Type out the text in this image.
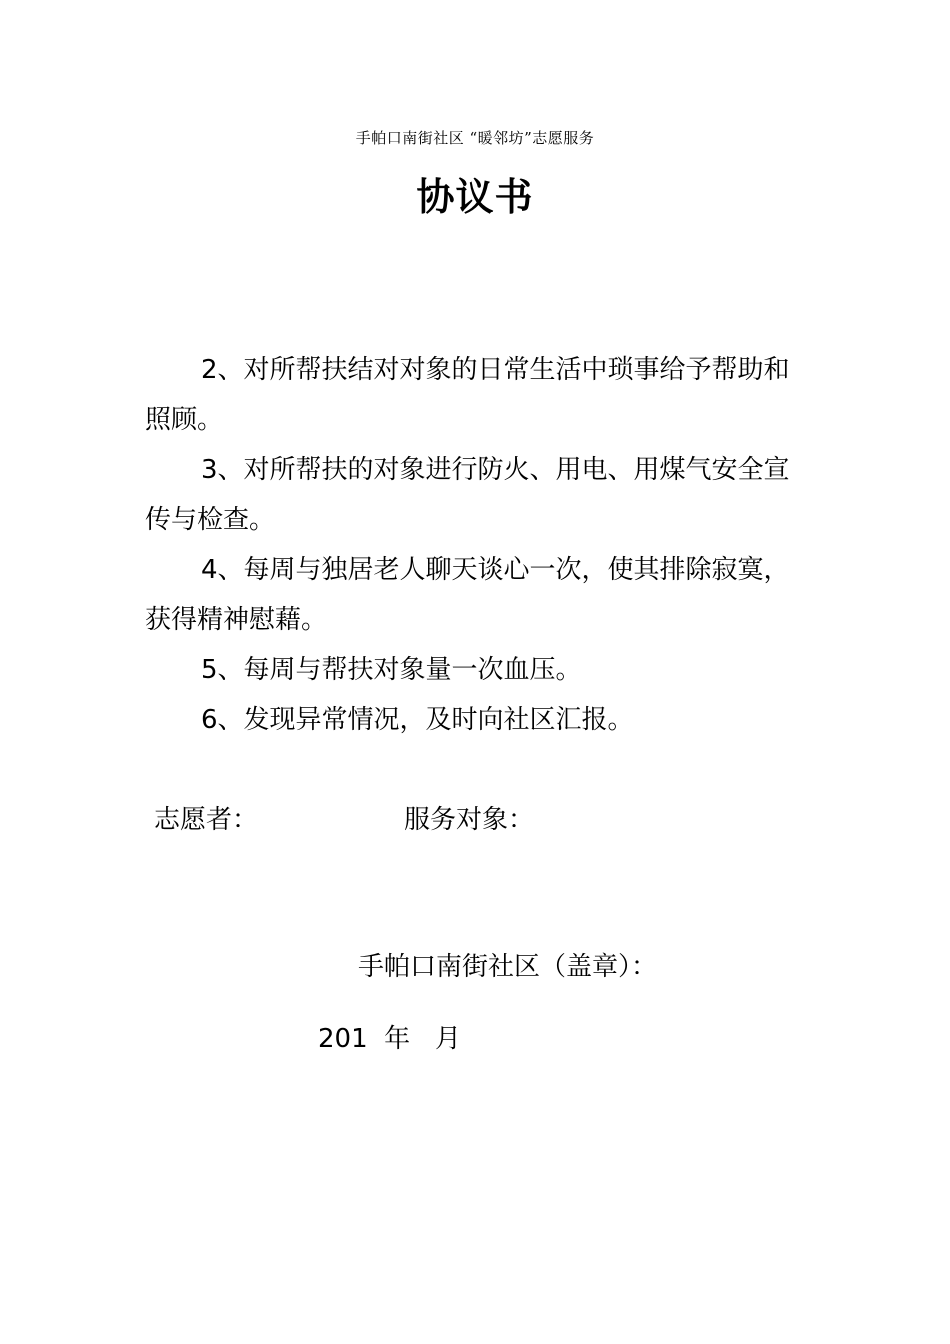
手帕口南街社区 “暖邻坊”志愿服务
协议书

2、对所帮扶结对对象的日常生活中琐事给予帮助和照顾。

3、对所帮扶的对象进行防火、用电、用煤气安全宣传与检查。

4、每周与独居老人聊天谈心一次，使其排除寂寞，获得精神慰藉。

5、每周与帮扶对象量一次血压。

6、发现异常情况，及时向社区汇报。

志愿者：	服务对象：
手帕口南街社区（盖章）：
201  年   月
